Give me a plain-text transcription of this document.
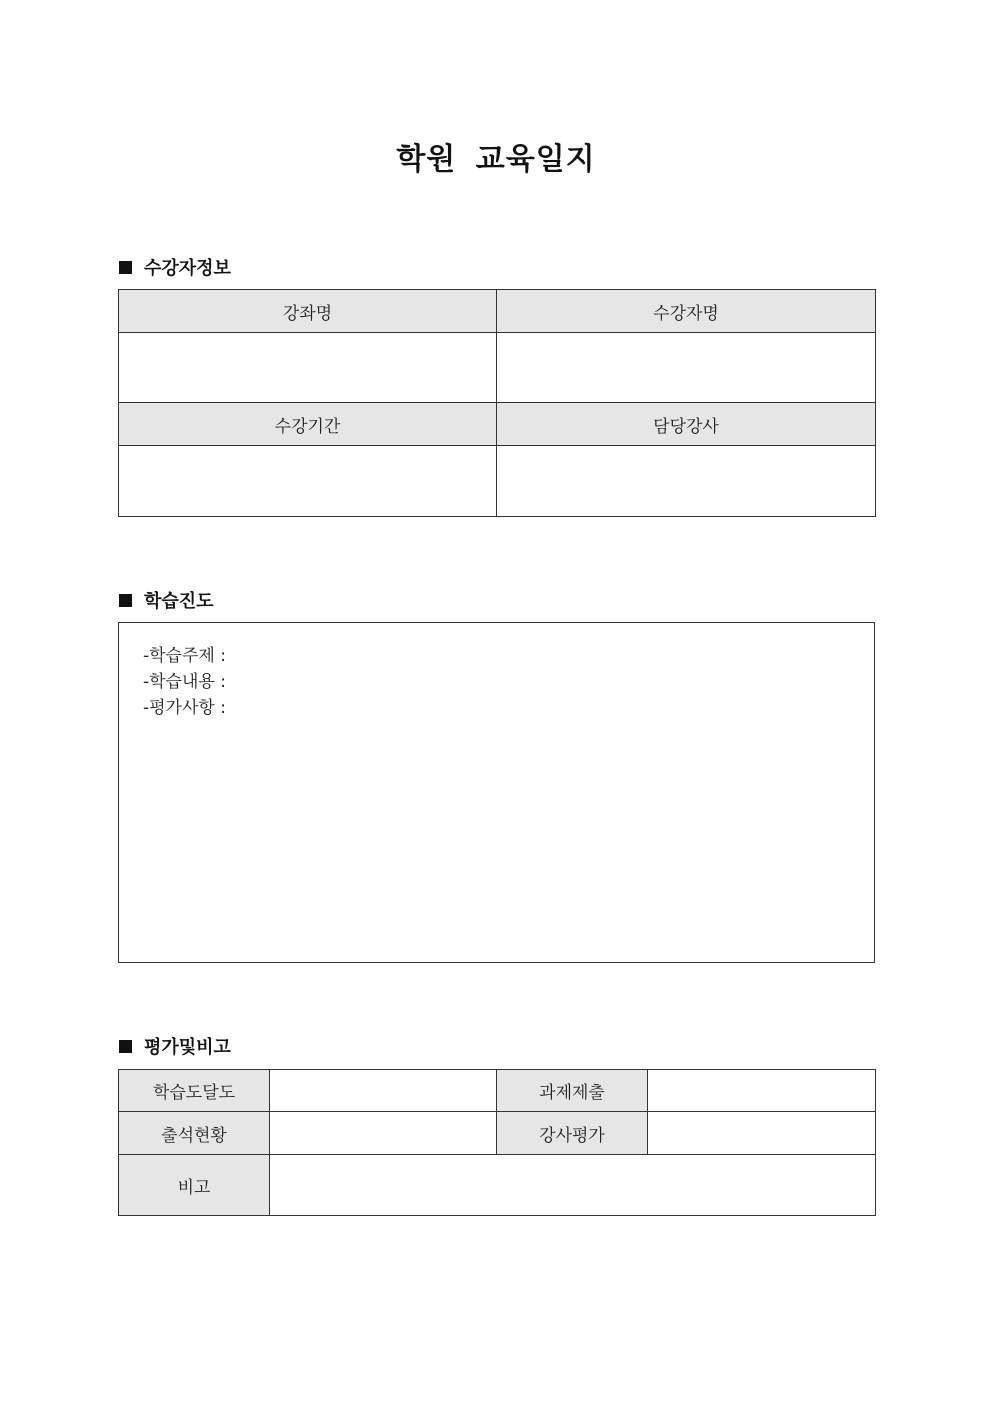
학원 교육일지
수강자정보
강좌명	수강자명

수강기간	담당강사

학습진도
-학습주제 :
-학습내용 :
-평가사항 :
평가및비고
학습도달도		과제제출	
출석현황		강사평가	
비고			
